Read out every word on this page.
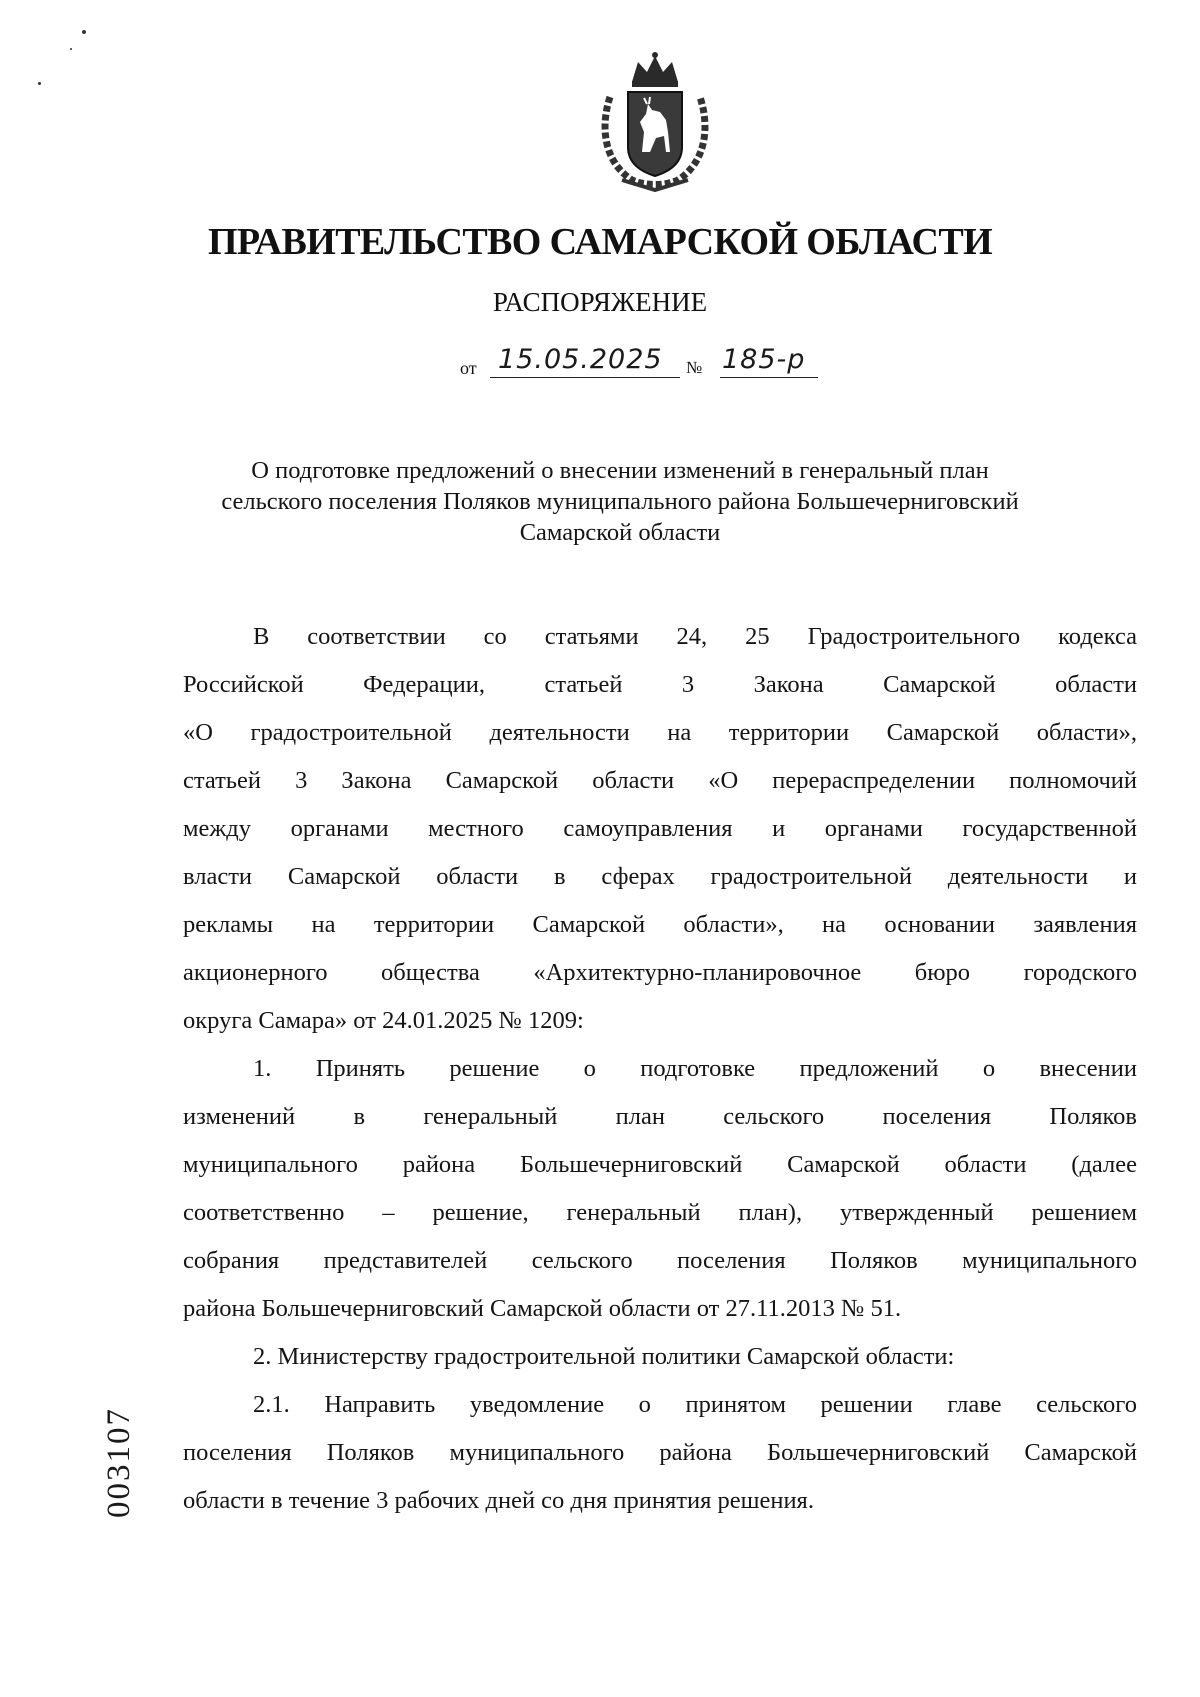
ПРАВИТЕЛЬСТВО САМАРСКОЙ ОБЛАСТИ
РАСПОРЯЖЕНИЕ
от 15.05.2025 № 185-р
О подготовке предложений о внесении изменений в генеральный план
сельского поселения Поляков муниципального района Большечерниговский
Самарской области
В соответствии со статьями 24, 25 Градостроительного кодекса
Российской Федерации, статьей 3 Закона Самарской области
«О градостроительной деятельности на территории Самарской области»,
статьей 3 Закона Самарской области «О перераспределении полномочий
между органами местного самоуправления и органами государственной
власти Самарской области в сферах градостроительной деятельности и
рекламы на территории Самарской области», на основании заявления
акционерного общества «Архитектурно-планировочное бюро городского
округа Самара» от 24.01.2025 № 1209:
1. Принять решение о подготовке предложений о внесении
изменений в генеральный план сельского поселения Поляков
муниципального района Большечерниговский Самарской области (далее
соответственно – решение, генеральный план), утвержденный решением
собрания представителей сельского поселения Поляков муниципального
района Большечерниговский Самарской области от 27.11.2013 № 51.
2. Министерству градостроительной политики Самарской области:
2.1. Направить уведомление о принятом решении главе сельского
поселения Поляков муниципального района Большечерниговский Самарской
области в течение 3 рабочих дней со дня принятия решения.
003107
